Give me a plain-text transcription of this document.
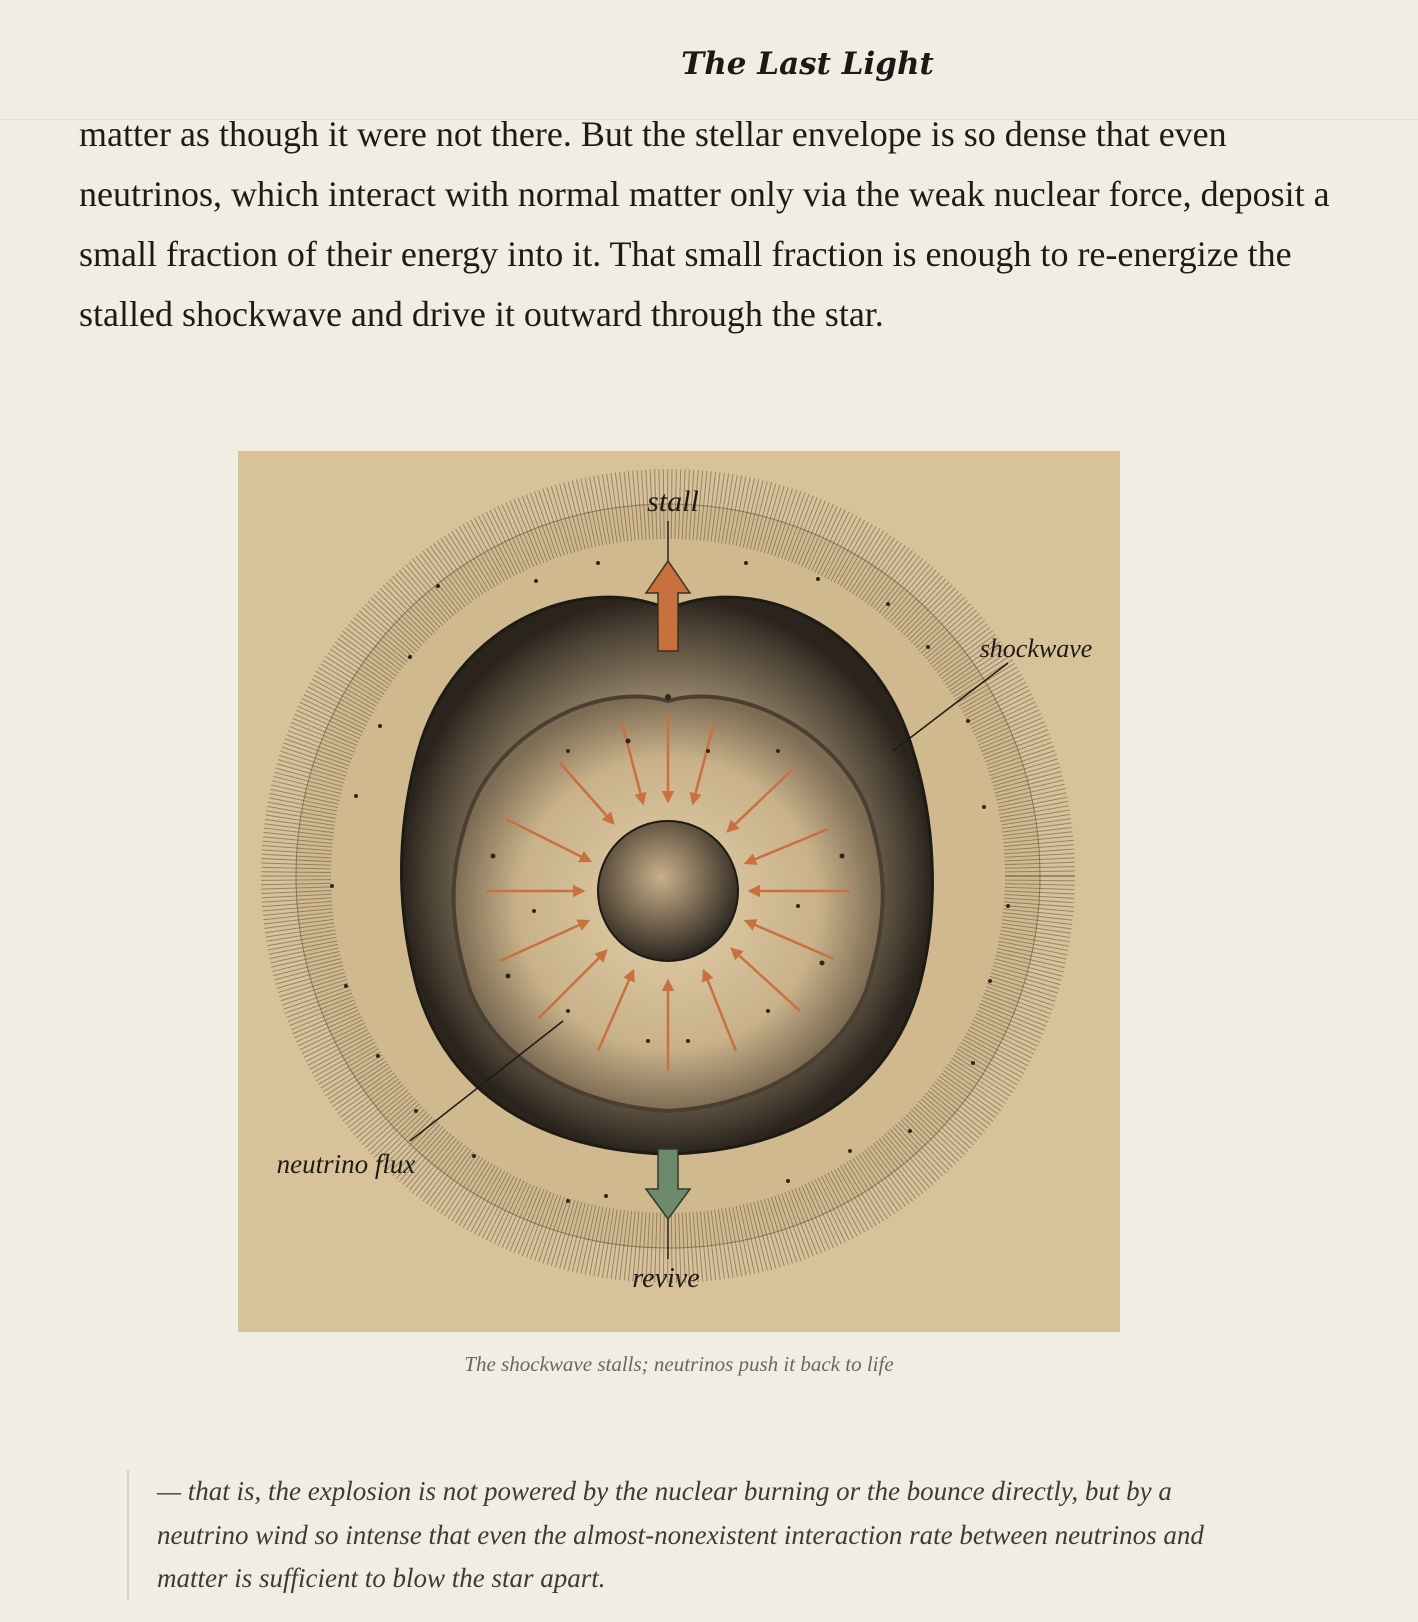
The Last Light

matter as though it were not there. But the stellar envelope is so dense that even neutrinos, which interact with normal matter only via the weak nuclear force, deposit a small fraction of their energy into it. That small fraction is enough to re-energize the stalled shockwave and drive it outward through the star.

stall
shockwave
neutrino flux
revive
The shockwave stalls; neutrinos push it back to life
— that is, the explosion is not powered by the nuclear burning or the bounce directly, but by a neutrino wind so intense that even the almost-nonexistent interaction rate between neutrinos and matter is sufficient to blow the star apart.
